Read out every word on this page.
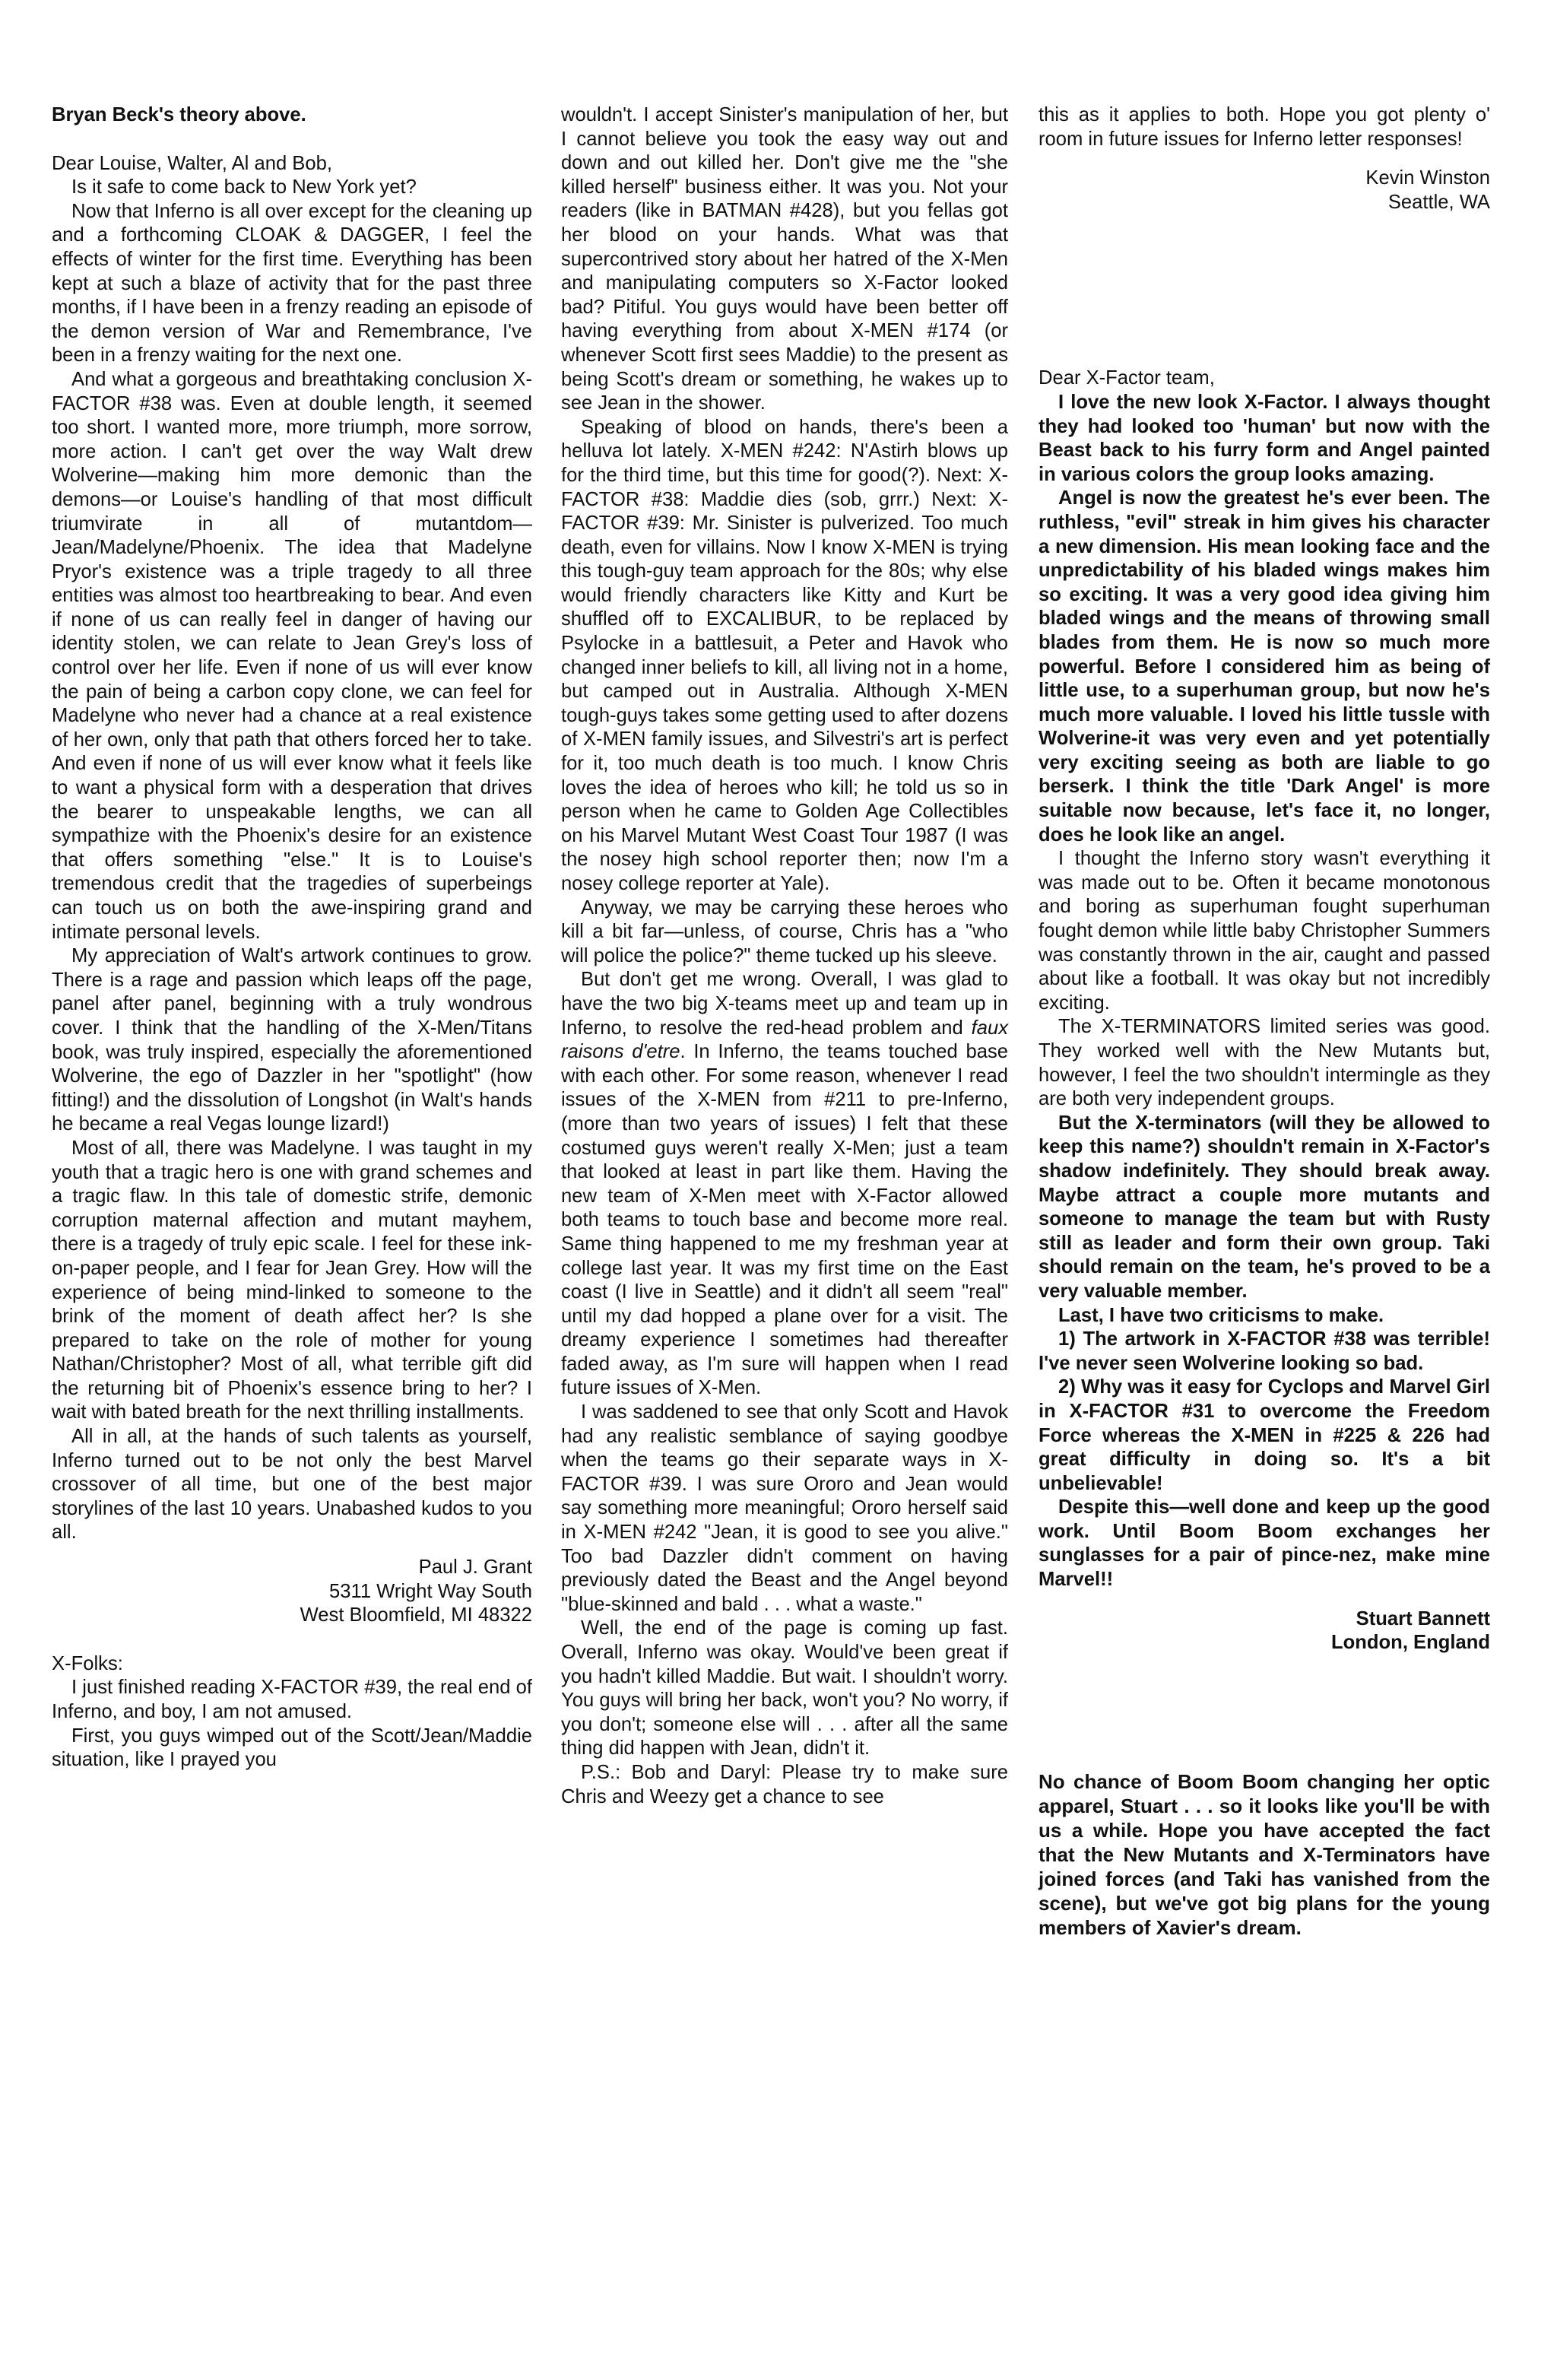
Bryan Beck's theory above.

Dear Louise, Walter, Al and Bob,

Is it safe to come back to New York yet?

Now that Inferno is all over except for the cleaning up and a forthcoming CLOAK & DAGGER, I feel the effects of winter for the first time. Everything has been kept at such a blaze of activity that for the past three months, if I have been in a frenzy reading an episode of the demon version of War and Remembrance, I've been in a frenzy waiting for the next one.

And what a gorgeous and breathtaking conclusion X-FACTOR #38 was. Even at double length, it seemed too short. I wanted more, more triumph, more sorrow, more action. I can't get over the way Walt drew Wolverine—making him more demonic than the demons—or Louise's handling of that most difficult triumvirate in all of mutantdom—Jean/Madelyne/Phoenix. The idea that Madelyne Pryor's existence was a triple tragedy to all three entities was almost too heartbreaking to bear. And even if none of us can really feel in danger of having our identity stolen, we can relate to Jean Grey's loss of control over her life. Even if none of us will ever know the pain of being a carbon copy clone, we can feel for Madelyne who never had a chance at a real existence of her own, only that path that others forced her to take. And even if none of us will ever know what it feels like to want a physical form with a desperation that drives the bearer to unspeakable lengths, we can all sympathize with the Phoenix's desire for an existence that offers something "else." It is to Louise's tremendous credit that the tragedies of superbeings can touch us on both the awe-inspiring grand and intimate personal levels.

My appreciation of Walt's artwork continues to grow. There is a rage and passion which leaps off the page, panel after panel, beginning with a truly wondrous cover. I think that the handling of the X-Men/Titans book, was truly inspired, especially the aforementioned Wolverine, the ego of Dazzler in her "spotlight" (how fitting!) and the dissolution of Longshot (in Walt's hands he became a real Vegas lounge lizard!)

Most of all, there was Madelyne. I was taught in my youth that a tragic hero is one with grand schemes and a tragic flaw. In this tale of domestic strife, demonic corruption maternal affection and mutant mayhem, there is a tragedy of truly epic scale. I feel for these ink-on-paper people, and I fear for Jean Grey. How will the experience of being mind-linked to someone to the brink of the moment of death affect her? Is she prepared to take on the role of mother for young Nathan/Christopher? Most of all, what terrible gift did the returning bit of Phoenix's essence bring to her? I wait with bated breath for the next thrilling installments.

All in all, at the hands of such talents as yourself, Inferno turned out to be not only the best Marvel crossover of all time, but one of the best major storylines of the last 10 years. Unabashed kudos to you all.

Paul J. Grant

5311 Wright Way South

West Bloomfield, MI 48322

X-Folks:

I just finished reading X-FACTOR #39, the real end of Inferno, and boy, I am not amused.

First, you guys wimped out of the Scott/Jean/Maddie situation, like I prayed you

wouldn't. I accept Sinister's manipulation of her, but I cannot believe you took the easy way out and down and out killed her. Don't give me the "she killed herself" business either. It was you. Not your readers (like in BATMAN #428), but you fellas got her blood on your hands. What was that supercontrived story about her hatred of the X-Men and manipulating computers so X-Factor looked bad? Pitiful. You guys would have been better off having everything from about X-MEN #174 (or whenever Scott first sees Maddie) to the present as being Scott's dream or something, he wakes up to see Jean in the shower.

Speaking of blood on hands, there's been a helluva lot lately. X-MEN #242: N'Astirh blows up for the third time, but this time for good(?). Next: X-FACTOR #38: Maddie dies (sob, grrr.) Next: X-FACTOR #39: Mr. Sinister is pulverized. Too much death, even for villains. Now I know X-MEN is trying this tough-guy team approach for the 80s; why else would friendly characters like Kitty and Kurt be shuffled off to EXCALIBUR, to be replaced by Psylocke in a battlesuit, a Peter and Havok who changed inner beliefs to kill, all living not in a home, but camped out in Australia. Although X-MEN tough-guys takes some getting used to after dozens of X-MEN family issues, and Silvestri's art is perfect for it, too much death is too much. I know Chris loves the idea of heroes who kill; he told us so in person when he came to Golden Age Collectibles on his Marvel Mutant West Coast Tour 1987 (I was the nosey high school reporter then; now I'm a nosey college reporter at Yale).

Anyway, we may be carrying these heroes who kill a bit far—unless, of course, Chris has a "who will police the police?" theme tucked up his sleeve.

But don't get me wrong. Overall, I was glad to have the two big X-teams meet up and team up in Inferno, to resolve the red-head problem and faux raisons d'etre. In Inferno, the teams touched base with each other. For some reason, whenever I read issues of the X-MEN from #211 to pre-Inferno, (more than two years of issues) I felt that these costumed guys weren't really X-Men; just a team that looked at least in part like them. Having the new team of X-Men meet with X-Factor allowed both teams to touch base and become more real. Same thing happened to me my freshman year at college last year. It was my first time on the East coast (I live in Seattle) and it didn't all seem "real" until my dad hopped a plane over for a visit. The dreamy experience I sometimes had thereafter faded away, as I'm sure will happen when I read future issues of X-Men.

I was saddened to see that only Scott and Havok had any realistic semblance of saying goodbye when the teams go their separate ways in X-FACTOR #39. I was sure Ororo and Jean would say something more meaningful; Ororo herself said in X-MEN #242 "Jean, it is good to see you alive." Too bad Dazzler didn't comment on having previously dated the Beast and the Angel beyond "blue-skinned and bald . . . what a waste."

Well, the end of the page is coming up fast. Overall, Inferno was okay. Would've been great if you hadn't killed Maddie. But wait. I shouldn't worry. You guys will bring her back, won't you? No worry, if you don't; someone else will . . . after all the same thing did happen with Jean, didn't it.

P.S.: Bob and Daryl: Please try to make sure Chris and Weezy get a chance to see

this as it applies to both. Hope you got plenty o' room in future issues for Inferno letter responses!

Kevin Winston

Seattle, WA

Dear X-Factor team,

I love the new look X-Factor. I always thought they had looked too 'human' but now with the Beast back to his furry form and Angel painted in various colors the group looks amazing.

Angel is now the greatest he's ever been. The ruthless, "evil" streak in him gives his character a new dimension. His mean looking face and the unpredictability of his bladed wings makes him so exciting. It was a very good idea giving him bladed wings and the means of throwing small blades from them. He is now so much more powerful. Before I considered him as being of little use, to a superhuman group, but now he's much more valuable. I loved his little tussle with Wolverine-it was very even and yet potentially very exciting seeing as both are liable to go berserk. I think the title 'Dark Angel' is more suitable now because, let's face it, no longer, does he look like an angel.

I thought the Inferno story wasn't everything it was made out to be. Often it became monotonous and boring as superhuman fought superhuman fought demon while little baby Christopher Summers was constantly thrown in the air, caught and passed about like a football. It was okay but not incredibly exciting.

The X-TERMINATORS limited series was good. They worked well with the New Mutants but, however, I feel the two shouldn't intermingle as they are both very independent groups.

But the X-terminators (will they be allowed to keep this name?) shouldn't remain in X-Factor's shadow indefinitely. They should break away. Maybe attract a couple more mutants and someone to manage the team but with Rusty still as leader and form their own group. Taki should remain on the team, he's proved to be a very valuable member.

Last, I have two criticisms to make.

1) The artwork in X-FACTOR #38 was terrible! I've never seen Wolverine looking so bad.

2) Why was it easy for Cyclops and Marvel Girl in X-FACTOR #31 to overcome the Freedom Force whereas the X-MEN in #225 & 226 had great difficulty in doing so. It's a bit unbelievable!

Despite this—well done and keep up the good work. Until Boom Boom exchanges her sunglasses for a pair of pince-nez, make mine Marvel!!

Stuart Bannett

London, England

No chance of Boom Boom changing her optic apparel, Stuart . . . so it looks like you'll be with us a while. Hope you have accepted the fact that the New Mutants and X-Terminators have joined forces (and Taki has vanished from the scene), but we've got big plans for the young members of Xavier's dream.
